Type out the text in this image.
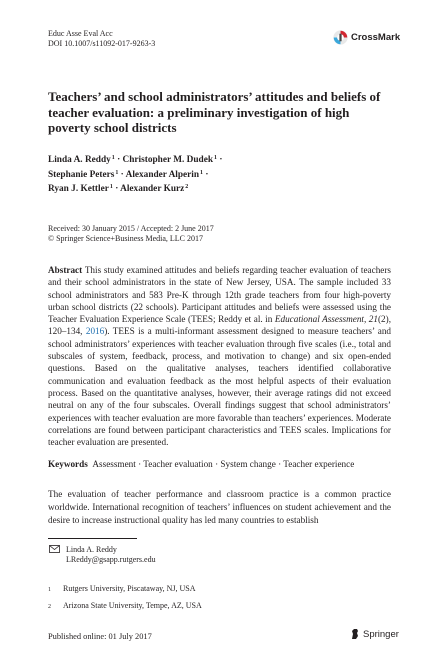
Educ Asse Eval Acc
DOI 10.1007/s11092-017-9263-3
CrossMark
Teachers’ and school administrators’ attitudes and beliefs of teacher evaluation: a preliminary investigation of high poverty school districts
Linda A. Reddy$^1$ · Christopher M. Dudek$^1$ ·
Stephanie Peters$^1$ · Alexander Alperin$^1$ ·
Ryan J. Kettler$^1$ · Alexander Kurz$^2$
Received: 30 January 2015 / Accepted: 2 June 2017
© Springer Science+Business Media, LLC 2017
Abstract This study examined attitudes and beliefs regarding teacher evaluation of teachers and their school administrators in the state of New Jersey, USA. The sample included 33 school administrators and 583 Pre-K through 12th grade teachers from four high-poverty urban school districts (22 schools). Participant attitudes and beliefs were assessed using the Teacher Evaluation Experience Scale (TEES; Reddy et al. in Educational Assessment, 21(2), 120–134, 2016). TEES is a multi-informant assessment designed to measure teachers’ and school administrators’ experiences with teacher evaluation through five scales (i.e., total and subscales of system, feedback, process, and motivation to change) and six open-ended questions. Based on the qualitative analyses, teachers identified collaborative communication and evaluation feedback as the most helpful aspects of their evaluation process. Based on the quantitative analyses, however, their average ratings did not exceed neutral on any of the four subscales. Overall findings suggest that school administrators’ experiences with teacher evaluation are more favorable than teachers’ experiences. Moderate correlations are found between participant characteristics and TEES scales. Implications for teacher evaluation are presented.
Keywords Assessment · Teacher evaluation · System change · Teacher experience
The evaluation of teacher performance and classroom practice is a common practice worldwide. International recognition of teachers’ influences on student achievement and the desire to increase instructional quality has led many countries to establish
Linda A. Reddy
LReddy@gsapp.rutgers.edu
1 Rutgers University, Piscataway, NJ, USA
2 Arizona State University, Tempe, AZ, USA
Published online: 01 July 2017	Springer
